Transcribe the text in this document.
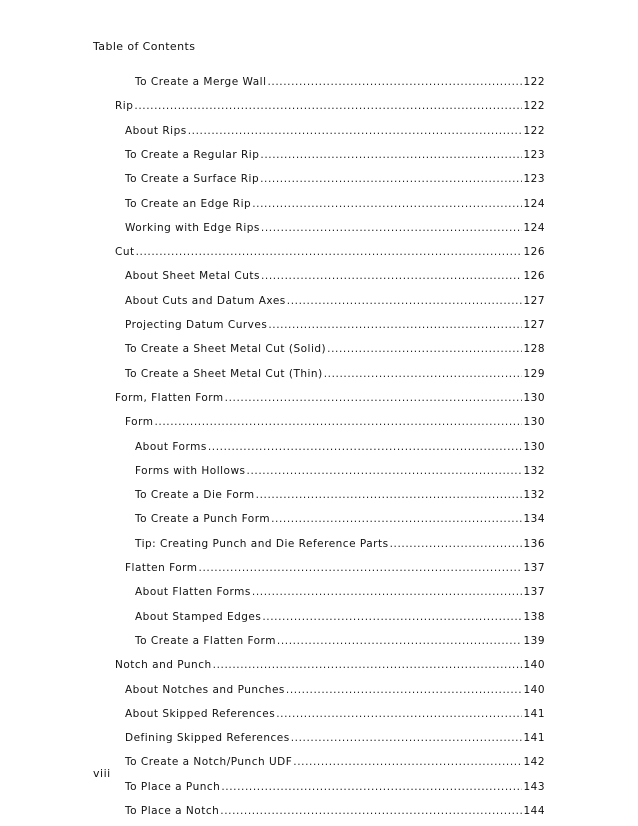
Table of Contents
To Create a Merge Wall .....	122
Rip .....	122
About Rips .....	122
To Create a Regular Rip .....	123
To Create a Surface Rip .....	123
To Create an Edge Rip .....	124
Working with Edge Rips .....	124
Cut .....	126
About Sheet Metal Cuts .....	126
About Cuts and Datum Axes .....	127
Projecting Datum Curves .....	127
To Create a Sheet Metal Cut (Solid) .....	128
To Create a Sheet Metal Cut (Thin) .....	129
Form, Flatten Form .....	130
Form .....	130
About Forms .....	130
Forms with Hollows .....	132
To Create a Die Form .....	132
To Create a Punch Form .....	134
Tip: Creating Punch and Die Reference Parts .....	136
Flatten Form .....	137
About Flatten Forms .....	137
About Stamped Edges .....	138
To Create a Flatten Form .....	139
Notch and Punch .....	140
About Notches and Punches .....	140
About Skipped References .....	141
Defining Skipped References .....	141
To Create a Notch/Punch UDF .....	142
To Place a Punch .....	143
To Place a Notch .....	144
viii
